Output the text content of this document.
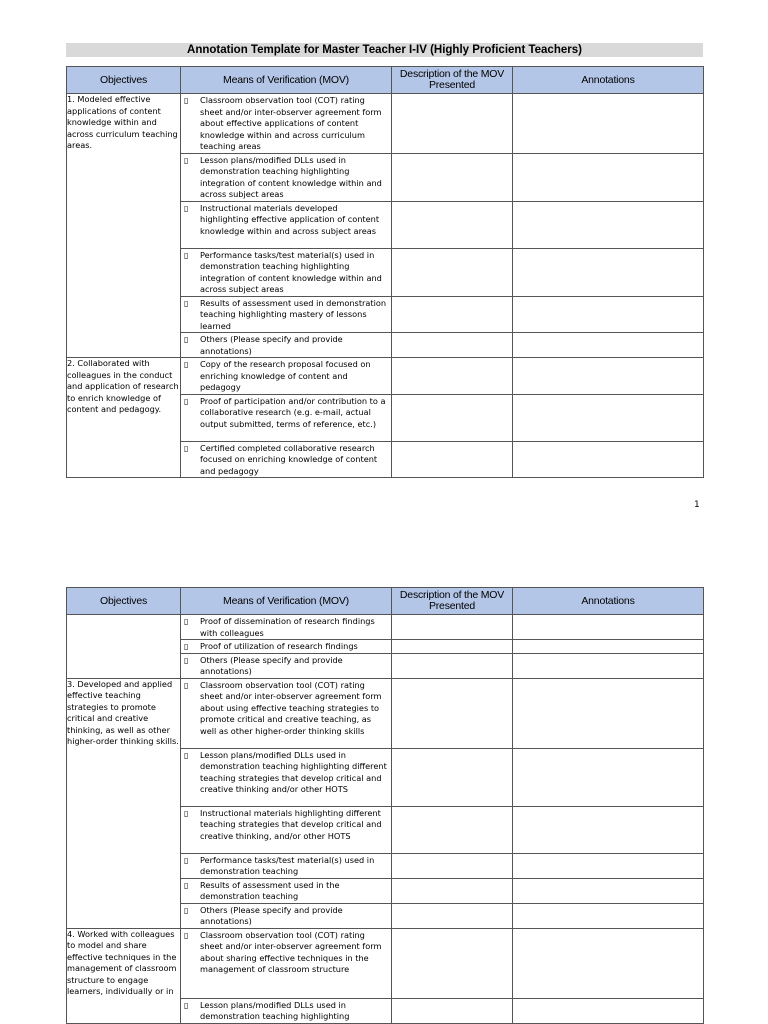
Annotation Template for Master Teacher I-IV (Highly Proficient Teachers)
Objectives	Means of Verification (MOV)	Description of the MOV Presented	Annotations
1. Modeled effective applications of content knowledge within and across curriculum teaching areas.	▯ Classroom observation tool (COT) rating sheet and/or inter-observer agreement form about effective applications of content knowledge within and across curriculum teaching areas		

	▯ Lesson plans/modified DLLs used in demonstration teaching highlighting integration of content knowledge within and across subject areas		

	▯ Instructional materials developed highlighting effective application of content knowledge within and across subject areas		

	▯ Performance tasks/test material(s) used in demonstration teaching highlighting integration of content knowledge within and across subject areas		

	▯ Results of assessment used in demonstration teaching highlighting mastery of lessons learned		

	▯ Others (Please specify and provide annotations)		

2. Collaborated with colleagues in the conduct and application of research to enrich knowledge of content and pedagogy.	▯ Copy of the research proposal focused on enriching knowledge of content and pedagogy		

	▯ Proof of participation and/or contribution to a collaborative research (e.g. e-mail, actual output submitted, terms of reference, etc.)		

	▯ Certified completed collaborative research focused on enriching knowledge of content and pedagogy		

1
Objectives	Means of Verification (MOV)	Description of the MOV Presented	Annotations

	▯ Proof of dissemination of research findings with colleagues		

	▯ Proof of utilization of research findings		

	▯ Others (Please specify and provide annotations)		

3. Developed and applied effective teaching strategies to promote critical and creative thinking, as well as other higher-order thinking skills.	▯ Classroom observation tool (COT) rating sheet and/or inter-observer agreement form about using effective teaching strategies to promote critical and creative teaching, as well as other higher-order thinking skills		

	▯ Lesson plans/modified DLLs used in demonstration teaching highlighting different teaching strategies that develop critical and creative thinking and/or other HOTS		

	▯ Instructional materials highlighting different teaching strategies that develop critical and creative thinking, and/or other HOTS		

	▯ Performance tasks/test material(s) used in demonstration teaching		

	▯ Results of assessment used in the demonstration teaching		

	▯ Others (Please specify and provide annotations)		

4. Worked with colleagues to model and share effective techniques in the management of classroom structure to engage learners, individually or in	▯ Classroom observation tool (COT) rating sheet and/or inter-observer agreement form about sharing effective techniques in the management of classroom structure		

	▯ Lesson plans/modified DLLs used in demonstration teaching highlighting		
